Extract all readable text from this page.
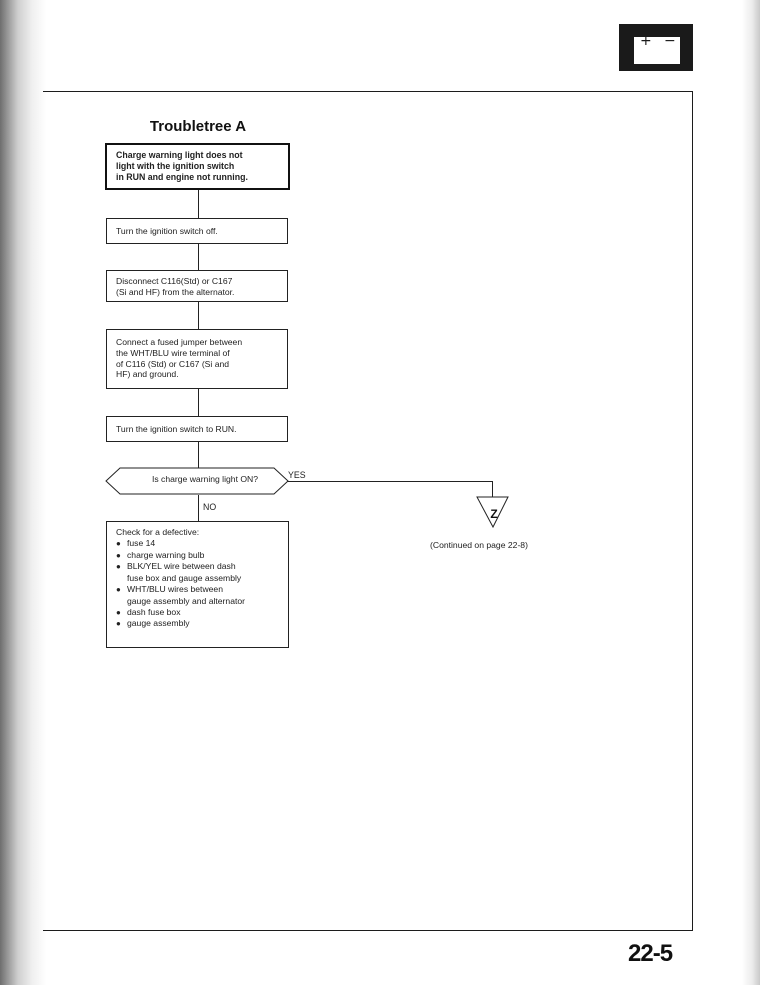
+ −
Troubletree A
Charge warning light does not
light with the ignition switch
in RUN and engine not running.
Turn the ignition switch off.
Disconnect C116(Std) or C167
(Si and HF) from the alternator.
Connect a fused jumper between
the WHT/BLU wire terminal of
of C116 (Std) or C167 (Si and
HF) and ground.
Turn the ignition switch to RUN.
Is charge warning light ON?	YES
NO	Z
(Continued on page 22-8)
Check for a defective:
● fuse 14
● charge warning bulb
● BLK/YEL wire between dash
fuse box and gauge assembly
● WHT/BLU wires between
gauge assembly and alternator
● dash fuse box
● gauge assembly
22-5
